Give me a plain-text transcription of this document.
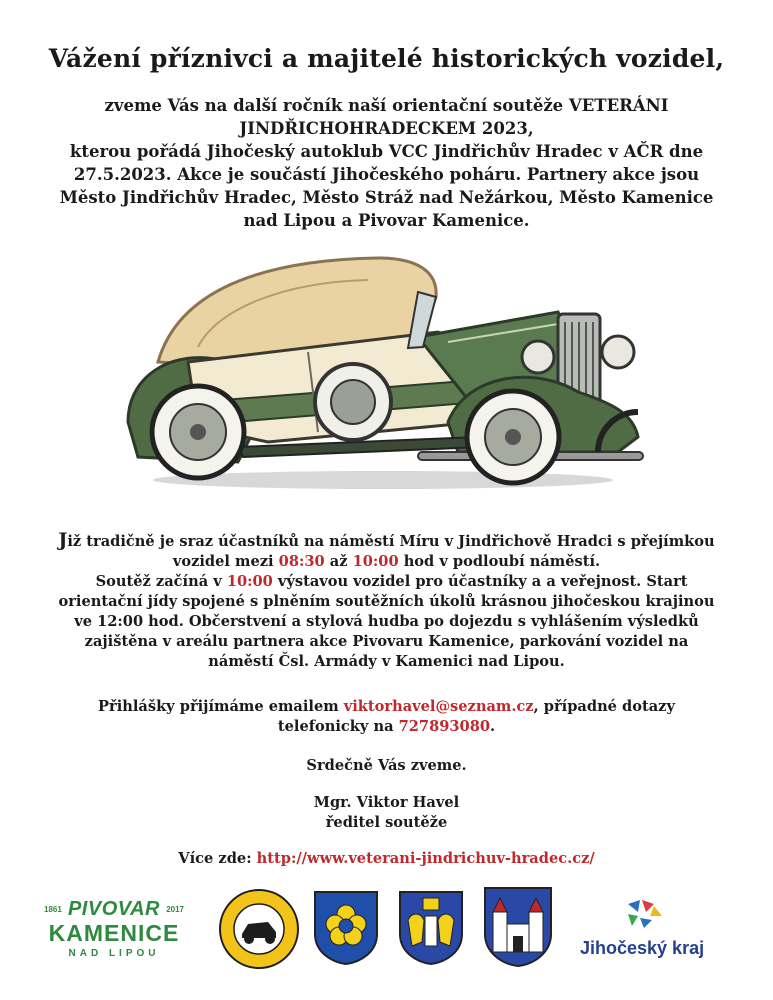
Vážení příznivci a majitelé historických vozidel,
zveme Vás na další ročník naší orientační soutěže VETERÁNI
JINDŘICHOHRADECKEM 2023,
kterou pořádá Jihočeský autoklub VCC Jindřichův Hradec v AČR dne
27.5.2023. Akce je součástí Jihočeského poháru. Partnery akce jsou
Město Jindřichův Hradec, Město Stráž nad Nežárkou, Město Kamenice
nad Lipou a Pivovar Kamenice.
Již tradičně je sraz účastníků na náměstí Míru v Jindřichově Hradci s přejímkou
vozidel mezi 08:30 až 10:00 hod v podloubí náměstí.
Soutěž začíná v 10:00 výstavou vozidel pro účastníky a a veřejnost. Start
orientační jídy spojené s plněním soutěžních úkolů krásnou jihočeskou krajinou
ve 12:00 hod. Občerstvení a stylová hudba po dojezdu s vyhlášením výsledků
zajištěna v areálu partnera akce Pivovaru Kamenice, parkování vozidel na
náměstí Čsl. Armády v Kamenici nad Lipou.
Přihlášky přijímáme emailem viktorhavel@seznam.cz, případné dotazy
telefonicky na 727893080.
Srdečně Vás zveme.
Mgr. Viktor Havel
ředitel soutěže
Více zde: http://www.veterani-jindrichuv-hradec.cz/
1861 PIVOVAR 2017
KAMENICE
NAD LIPOU	Jihočeský kraj
